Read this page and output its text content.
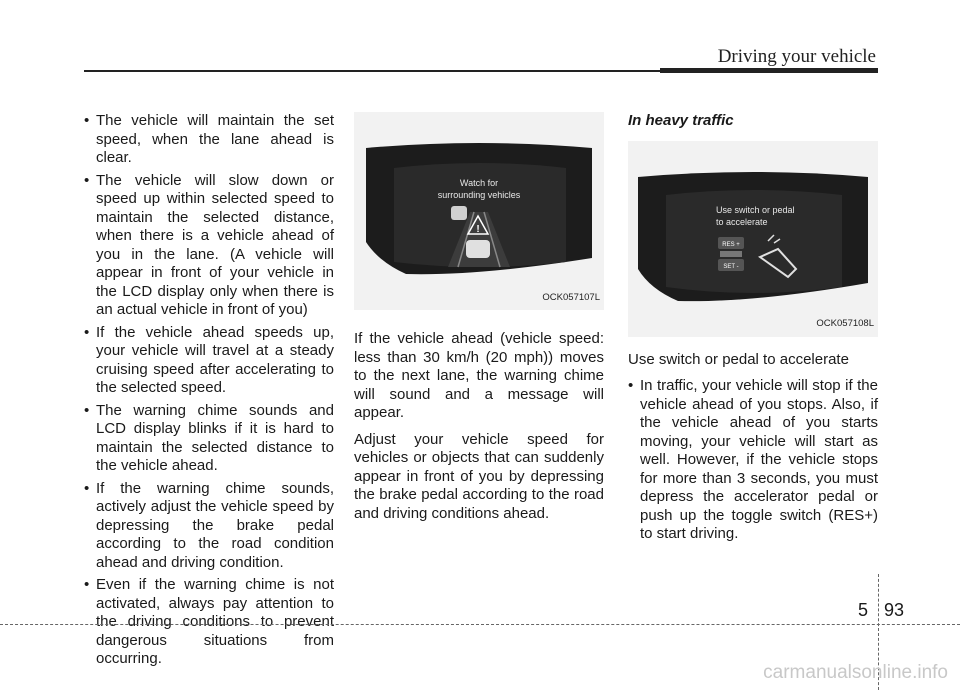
Driving your vehicle
• The vehicle will maintain the set speed, when the lane ahead is clear.
• The vehicle will slow down or speed up within selected speed to maintain the selected distance, when there is a vehicle ahead of you in the lane. (A vehicle will appear in front of your vehicle in the LCD display only when there is an actual vehicle in front of you)
• If the vehicle ahead speeds up, your vehicle will travel at a steady cruising speed after accelerating to the selected speed.
• The warning chime sounds and LCD display blinks if it is hard to maintain the selected distance to the vehicle ahead.
• If the warning chime sounds, actively adjust the vehicle speed by depressing the brake pedal according to the road condition ahead and driving condition.
• Even if the warning chime is not activated, always pay attention to the driving conditions to prevent dangerous situations from occurring.
Watch for
surrounding vehicles
!
OCK057107L

If the vehicle ahead (vehicle speed: less than 30 km/h (20 mph)) moves to the next lane, the warning chime will sound and a message will appear.

Adjust your vehicle speed for vehicles or objects that can suddenly appear in front of you by depressing the brake pedal according to the road and driving conditions ahead.

In heavy traffic
Use switch or pedal
to accelerate
RES +
SET -
OCK057108L

Use switch or pedal to accelerate

• In traffic, your vehicle will stop if the vehicle ahead of you stops. Also, if the vehicle ahead of you starts moving, your vehicle will start as well. However, if the vehicle stops for more than 3 seconds, you must depress the accelerator pedal or push up the toggle switch (RES+) to start driving.
5 93
carmanualsonline.info
